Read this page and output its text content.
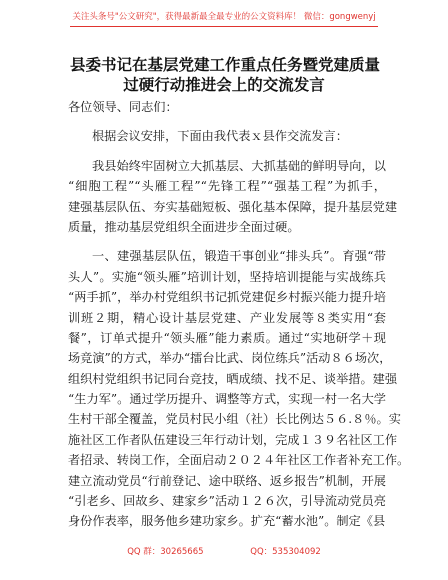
关注头条号"公文研究"，获得最新最全最专业的公文资料库！ 微信：gongwenyj
县委书记在基层党建工作重点任务暨党建质量
过硬行动推进会上的交流发言
各位领导、同志们：
根据会议安排，下面由我代表ｘ县作交流发言：
我县始终牢固树立大抓基层、大抓基础的鲜明导向，以
“细胞工程”“头雁工程”“先锋工程”“强基工程”为抓手，
建强基层队伍、夯实基础短板、强化基本保障，提升基层党建
质量，推动基层党组织全面进步全面过硬。
一、建强基层队伍，锻造干事创业“排头兵”。育强“带
头人”。实施“领头雁”培训计划，坚持培训提能与实战练兵
“两手抓”，举办村党组织书记抓党建促乡村振兴能力提升培
训班２期，精心设计基层党建、产业发展等８类实用“套
餐”，订单式提升“领头雁”能力素质。通过“实地研学＋现
场竞演”的方式，举办“擂台比武、岗位练兵”活动８６场次，
组织村党组织书记同台竞技，晒成绩、找不足、谈举措。建强
“生力军”。通过学历提升、调整等方式，实现一村一名大学
生村干部全覆盖，党员村民小组（社）长比例达５６.８％。实
施社区工作者队伍建设三年行动计划，完成１３９名社区工作
者招录、转岗工作，全面启动２０２４年社区工作者补充工作。
建立流动党员“行前登记、途中联络、返乡报告”机制，开展
“引老乡、回故乡、建家乡”活动１２６次，引导流动党员亮
身份作表率，服务他乡建功家乡。扩充“蓄水池”。制定《县
QQ 群：30265665	QQ：535304092
